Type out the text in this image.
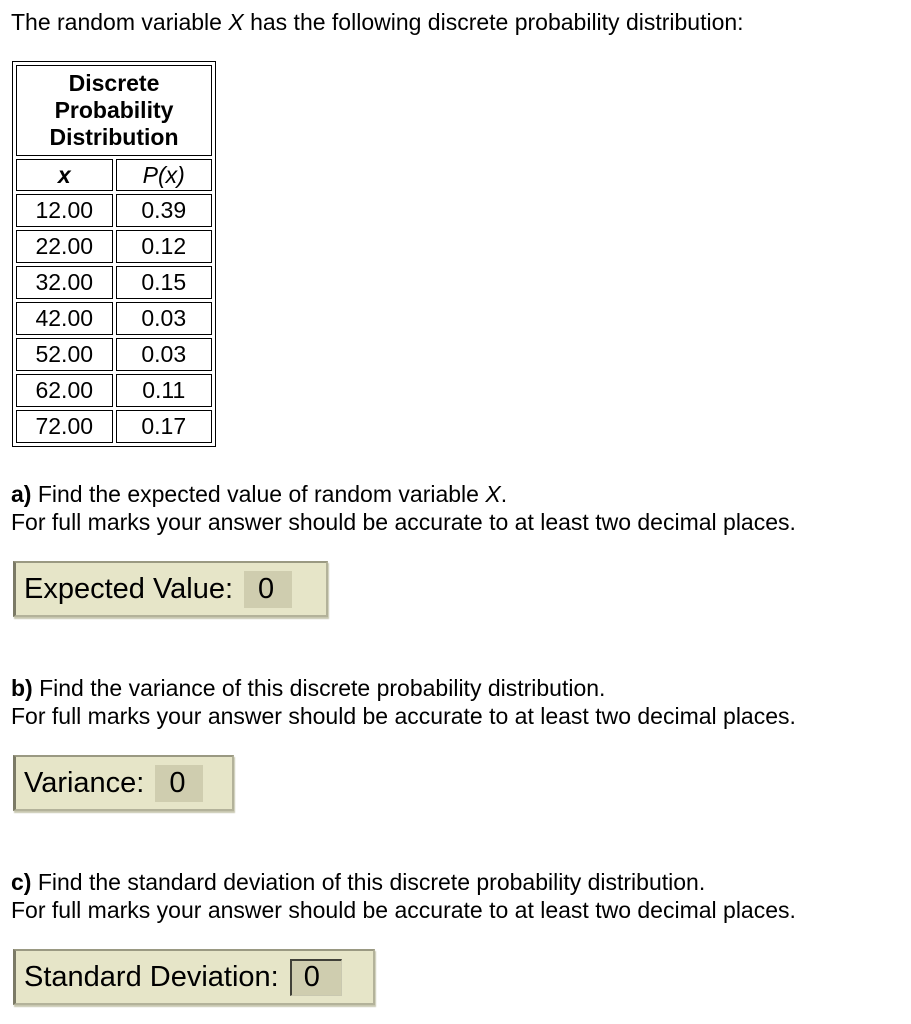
The random variable X has the following discrete probability distribution:
Discrete
Probability
Distribution	

x	P(x)
12.00	0.39
22.00	0.12
32.00	0.15
42.00	0.03
52.00	0.03
62.00	0.11
72.00	0.17
a) Find the expected value of random variable X.
For full marks your answer should be accurate to at least two decimal places.
Expected Value: 0
b) Find the variance of this discrete probability distribution.
For full marks your answer should be accurate to at least two decimal places.
Variance: 0
c) Find the standard deviation of this discrete probability distribution.
For full marks your answer should be accurate to at least two decimal places.
Standard Deviation: 0
